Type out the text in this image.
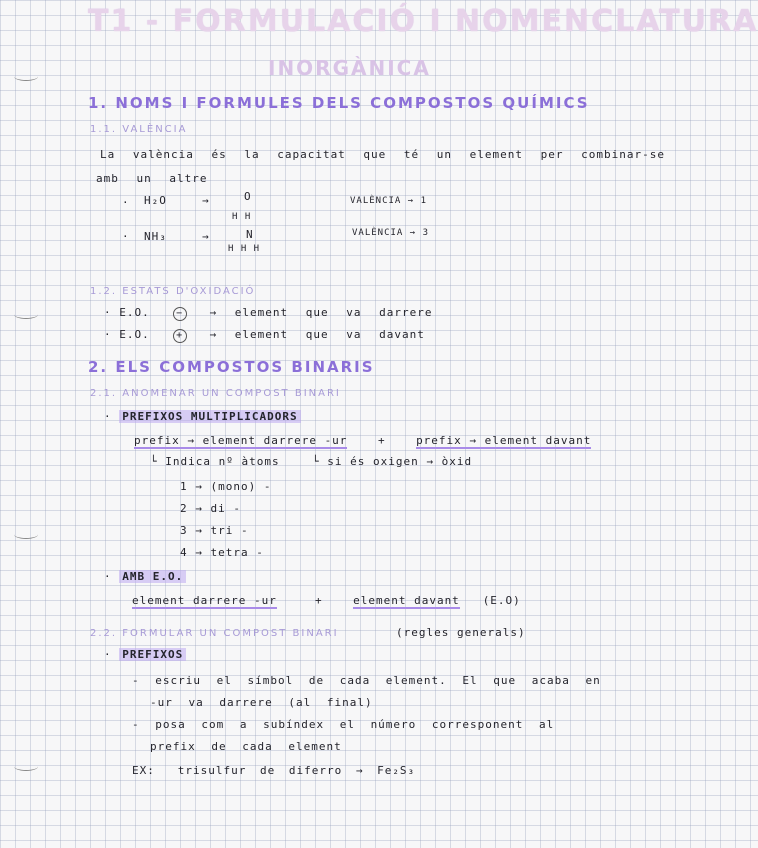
T1 - FORMULACIÓ I NOMENCLATURA
INORGÀNICA
1. NOMS I FORMULES DELS COMPOSTOS QUÍMICS
1.1. VALÈNCIA
La valència és la capacitat que té un element per combinar-se
amb un altre
· H₂O	→	O
H H
VALÈNCIA → 1
· NH₃	→	N
H H H
VALÈNCIA → 3
1.2. ESTATS D'OXIDACIÓ
· E.O.	− → element que va darrere
· E.O.	+ → element que va davant
2. ELS COMPOSTOS BINARIS
2.1. ANOMENAR UN COMPOST BINARI
· PREFIXOS MULTIPLICADORS
prefix → element darrere -ur	+	prefix → element davant
└ Indica nº àtoms	└ si és oxigen → òxid
1 → (mono) -
2 → di -
3 → tri -
4 → tetra -
· AMB E.O.
element darrere -ur	+	element davant (E.O)
2.2. FORMULAR UN COMPOST BINARI	(regles generals)
· PREFIXOS
- escriu el símbol de cada element. El que acaba en
-ur va darrere (al final)
- posa com a subíndex el número corresponent al
prefix de cada element
EX: trisulfur de diferro → Fe₂S₃
